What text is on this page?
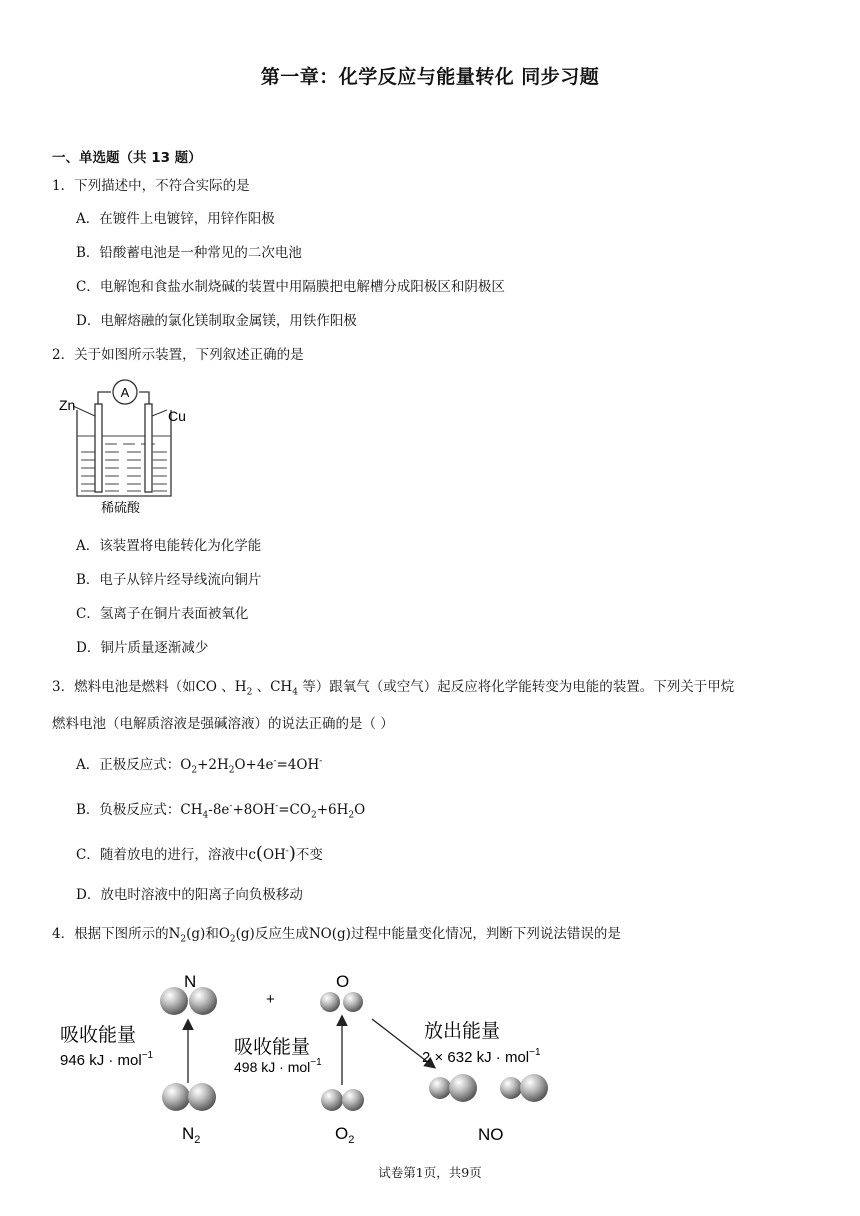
第一章：化学反应与能量转化 同步习题
一、单选题（共 13 题）
1．下列描述中，不符合实际的是
A．在镀件上电镀锌，用锌作阳极
B．铅酸蓄电池是一种常见的二次电池
C．电解饱和食盐水制烧碱的装置中用隔膜把电解槽分成阳极区和阴极区
D．电解熔融的氯化镁制取金属镁，用铁作阳极
2．关于如图所示装置，下列叙述正确的是
A
Zn
Cu
稀硫酸
A．该装置将电能转化为化学能
B．电子从锌片经导线流向铜片
C．氢离子在铜片表面被氧化
D．铜片质量逐渐减少
3．燃料电池是燃料（如CO 、$H_2$ 、$CH_4$ 等）跟氧气（或空气）起反应将化学能转变为电能的装置。下列关于甲烷
燃料电池（电解质溶液是强碱溶液）的说法正确的是（ ）
A．正极反应式：$O_2+2H_2O+4e^-=4OH^-$
B．负极反应式：$CH_4-8e^-+8OH^-=CO_2+6H_2O$
C．随着放电的进行，溶液中c(OH-)不变
D．放电时溶液中的阳离子向负极移动
4．根据下图所示的$N_2(g)$和$O_2(g)$反应生成NO(g)过程中能量变化情况，判断下列说法错误的是
N
+
O
吸收能量
946 kJ · mol$^{-1}$	吸收能量
498 kJ · mol$^{-1}$
放出能量
2 × 632 kJ · mol$^{-1}$
$N_2$	$O_2$	NO
试卷第1页，共9页
